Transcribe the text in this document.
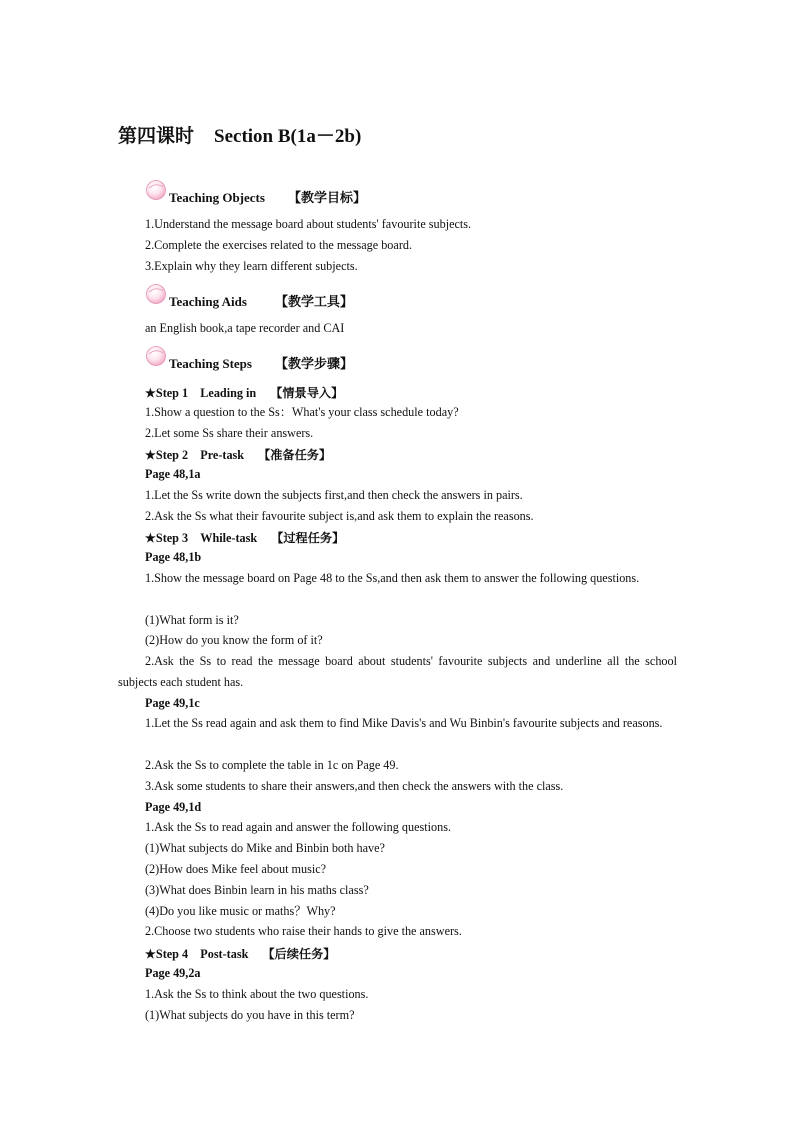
第四课时 Section B(1a－2b)
Teaching Objects 【教学目标】

1.Understand the message board about students' favourite subjects.

2.Complete the exercises related to the message board.

3.Explain why they learn different subjects.

Teaching Aids 【教学工具】

an English book,a tape recorder and CAI

Teaching Steps 【教学步骤】
★Step 1　Leading in 【情景导入】

1.Show a question to the Ss：What's your class schedule today?

2.Let some Ss share their answers.

★Step 2　Pre-task 【准备任务】

Page 48,1a

1.Let the Ss write down the subjects first,and then check the answers in pairs.

2.Ask the Ss what their favourite subject is,and ask them to explain the reasons.

★Step 3　While-task 【过程任务】

Page 48,1b

1.Show the message board on Page 48 to the Ss,and then ask them to answer the following questions.

(1)What form is it?

(2)How do you know the form of it?

2.Ask the Ss to read the message board about students' favourite subjects and underline all the school subjects each student has.

Page 49,1c

1.Let the Ss read again and ask them to find Mike Davis's and Wu Binbin's favourite subjects and reasons.

2.Ask the Ss to complete the table in 1c on Page 49.

3.Ask some students to share their answers,and then check the answers with the class.

Page 49,1d

1.Ask the Ss to read again and answer the following questions.

(1)What subjects do Mike and Binbin both have?

(2)How does Mike feel about music?

(3)What does Binbin learn in his maths class?

(4)Do you like music or maths？Why?

2.Choose two students who raise their hands to give the answers.

★Step 4　Post-task 【后续任务】

Page 49,2a

1.Ask the Ss to think about the two questions.

(1)What subjects do you have in this term?
